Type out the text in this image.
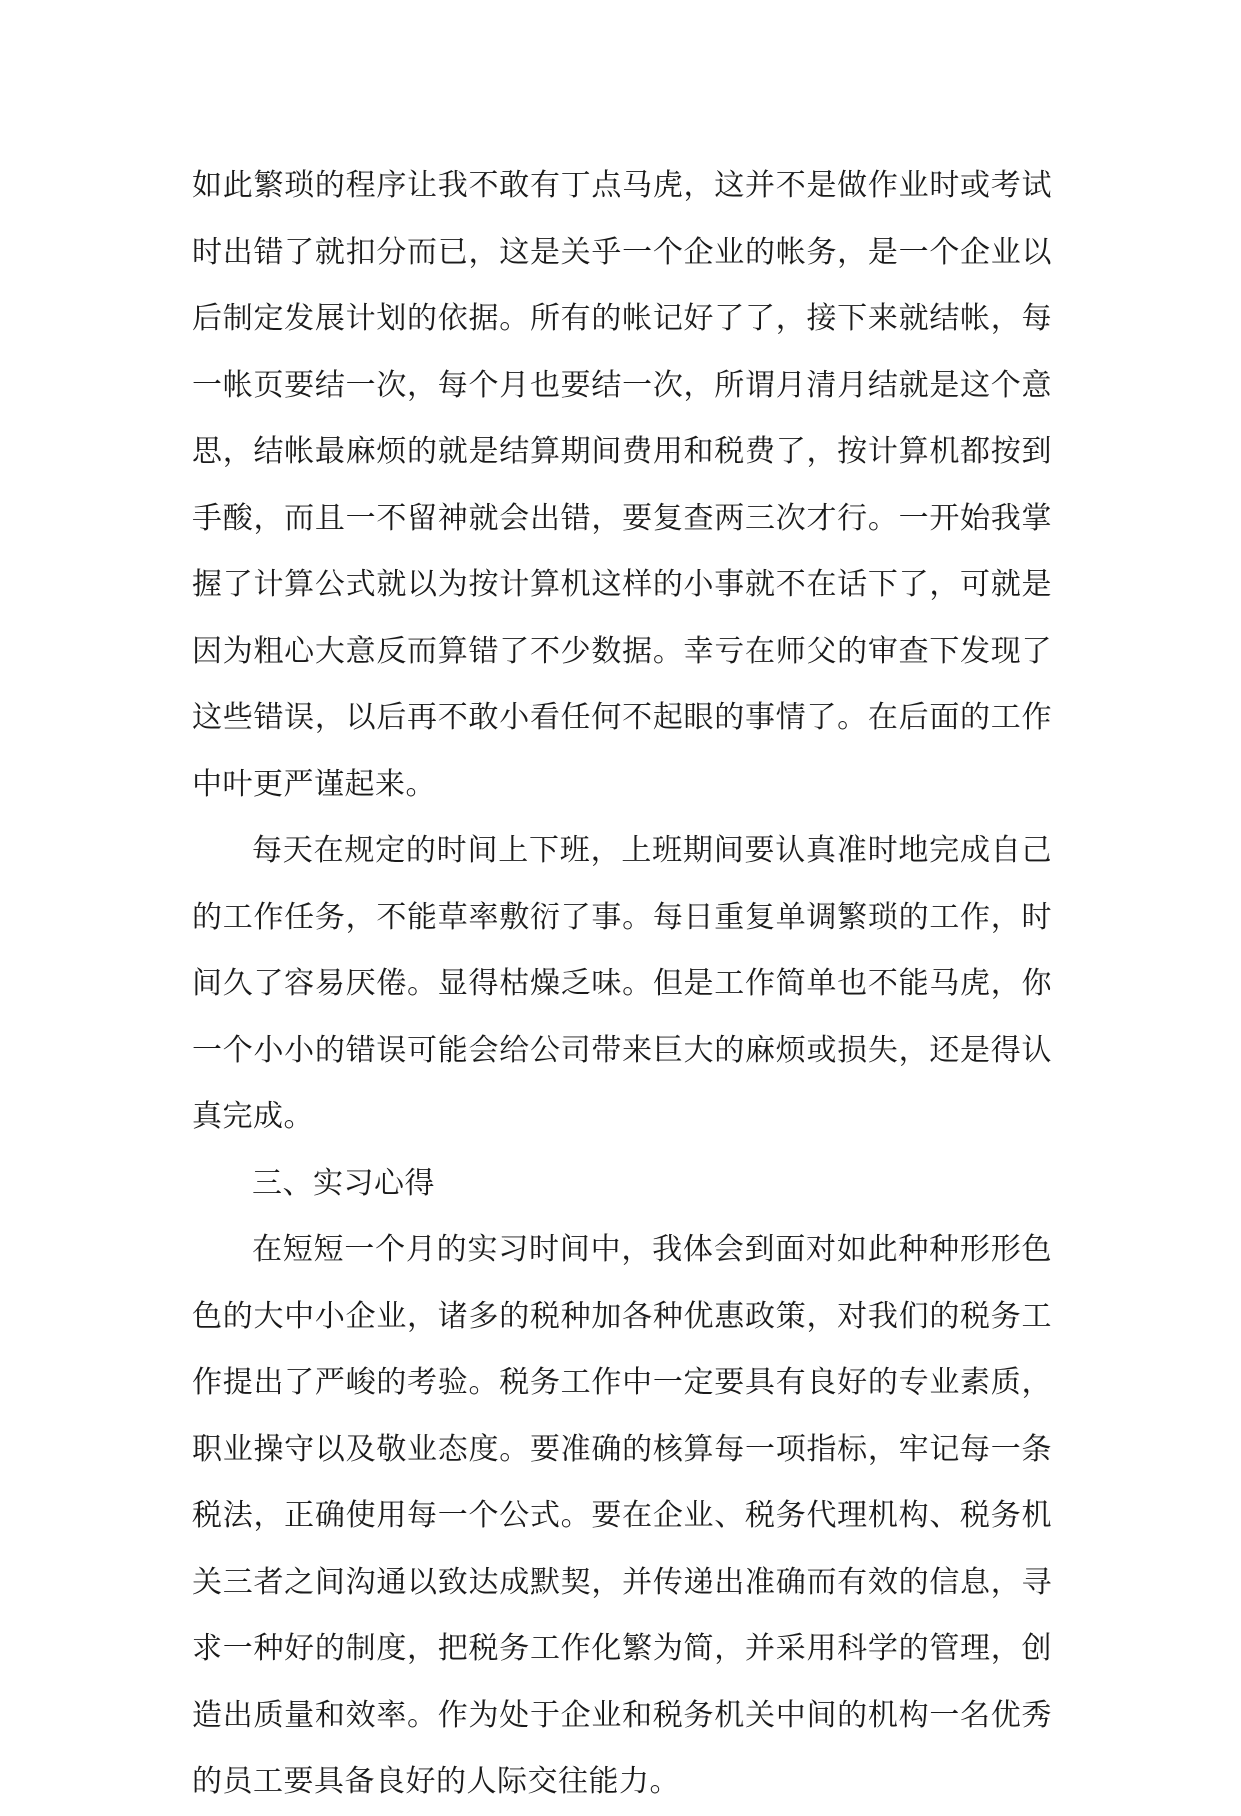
如此繁琐的程序让我不敢有丁点马虎，这并不是做作业时或考试时出错了就扣分而已，这是关乎一个企业的帐务，是一个企业以后制定发展计划的依据。所有的帐记好了了，接下来就结帐，每一帐页要结一次，每个月也要结一次，所谓月清月结就是这个意思，结帐最麻烦的就是结算期间费用和税费了，按计算机都按到手酸，而且一不留神就会出错，要复查两三次才行。一开始我掌握了计算公式就以为按计算机这样的小事就不在话下了，可就是因为粗心大意反而算错了不少数据。幸亏在师父的审查下发现了这些错误，以后再不敢小看任何不起眼的事情了。在后面的工作中叶更严谨起来。

每天在规定的时间上下班，上班期间要认真准时地完成自己的工作任务，不能草率敷衍了事。每日重复单调繁琐的工作，时间久了容易厌倦。显得枯燥乏味。但是工作简单也不能马虎，你一个小小的错误可能会给公司带来巨大的麻烦或损失，还是得认真完成。

三、实习心得

在短短一个月的实习时间中，我体会到面对如此种种形形色色的大中小企业，诸多的税种加各种优惠政策，对我们的税务工作提出了严峻的考验。税务工作中一定要具有良好的专业素质，职业操守以及敬业态度。要准确的核算每一项指标，牢记每一条税法，正确使用每一个公式。要在企业、税务代理机构、税务机关三者之间沟通以致达成默契，并传递出准确而有效的信息，寻求一种好的制度，把税务工作化繁为简，并采用科学的管理，创造出质量和效率。作为处于企业和税务机关中间的机构一名优秀的员工要具备良好的人际交往能力。
